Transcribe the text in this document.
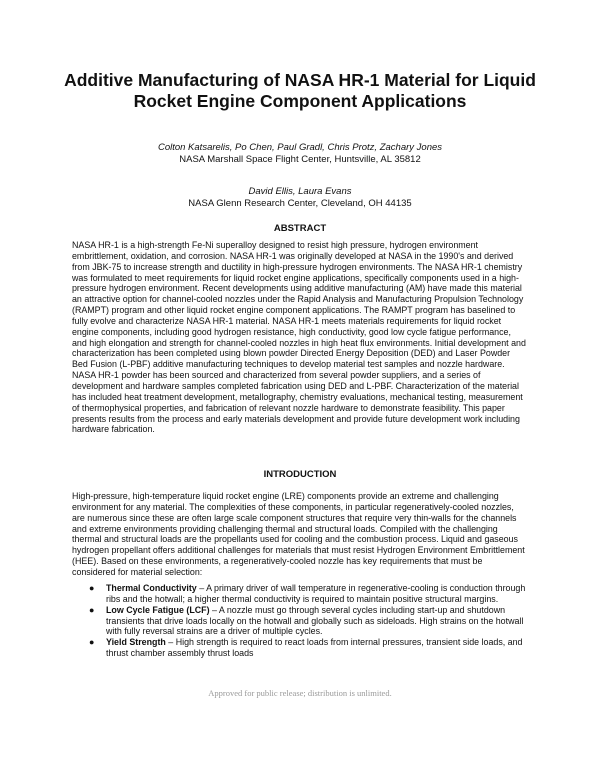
Additive Manufacturing of NASA HR-1 Material for Liquid Rocket Engine Component Applications
Colton Katsarelis, Po Chen, Paul Gradl, Chris Protz, Zachary Jones
NASA Marshall Space Flight Center, Huntsville, AL 35812
David Ellis, Laura Evans
NASA Glenn Research Center, Cleveland, OH 44135
ABSTRACT

NASA HR-1 is a high-strength Fe-Ni superalloy designed to resist high pressure, hydrogen environment embrittlement, oxidation, and corrosion. NASA HR-1 was originally developed at NASA in the 1990's and derived from JBK-75 to increase strength and ductility in high-pressure hydrogen environments. The NASA HR-1 chemistry was formulated to meet requirements for liquid rocket engine applications, specifically components used in a high-pressure hydrogen environment. Recent developments using additive manufacturing (AM) have made this material an attractive option for channel-cooled nozzles under the Rapid Analysis and Manufacturing Propulsion Technology (RAMPT) program and other liquid rocket engine component applications. The RAMPT program has baselined to fully evolve and characterize NASA HR-1 material. NASA HR-1 meets materials requirements for liquid rocket engine components, including good hydrogen resistance, high conductivity, good low cycle fatigue performance, and high elongation and strength for channel-cooled nozzles in high heat flux environments. Initial development and characterization has been completed using blown powder Directed Energy Deposition (DED) and Laser Powder Bed Fusion (L-PBF) additive manufacturing techniques to develop material test samples and nozzle hardware. NASA HR-1 powder has been sourced and characterized from several powder suppliers, and a series of development and hardware samples completed fabrication using DED and L-PBF. Characterization of the material has included heat treatment development, metallography, chemistry evaluations, mechanical testing, measurement of thermophysical properties, and fabrication of relevant nozzle hardware to demonstrate feasibility. This paper presents results from the process and early materials development and provide future development work including hardware fabrication.

INTRODUCTION

High-pressure, high-temperature liquid rocket engine (LRE) components provide an extreme and challenging environment for any material. The complexities of these components, in particular regeneratively-cooled nozzles, are numerous since these are often large scale component structures that require very thin-walls for the channels and extreme environments providing challenging thermal and structural loads. Compiled with the challenging thermal and structural loads are the propellants used for cooling and the combustion process. Liquid and gaseous hydrogen propellant offers additional challenges for materials that must resist Hydrogen Environment Embrittlement (HEE). Based on these environments, a regeneratively-cooled nozzle has key requirements that must be considered for material selection:

● Thermal Conductivity – A primary driver of wall temperature in regenerative-cooling is conduction through ribs and the hotwall; a higher thermal conductivity is required to maintain positive structural margins.
● Low Cycle Fatigue (LCF) – A nozzle must go through several cycles including start-up and shutdown transients that drive loads locally on the hotwall and globally such as sideloads. High strains on the hotwall with fully reversal strains are a driver of multiple cycles.
● Yield Strength – High strength is required to react loads from internal pressures, transient side loads, and thrust chamber assembly thrust loads
Approved for public release; distribution is unlimited.
